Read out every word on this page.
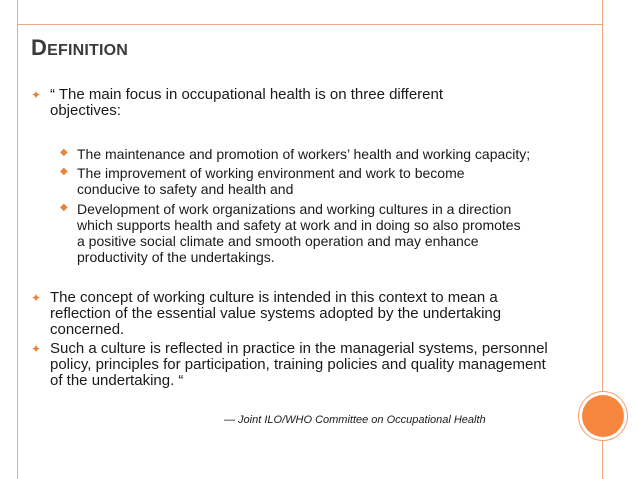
DEFINITION
✦ “ The main focus in occupational health is on three different
objectives:
◆ The maintenance and promotion of workers’ health and working capacity;
◆ The improvement of working environment and work to become
conducive to safety and health and
◆ Development of work organizations and working cultures in a direction
which supports health and safety at work and in doing so also promotes
a positive social climate and smooth operation and may enhance
productivity of the undertakings.
✦ The concept of working culture is intended in this context to mean a
reflection of the essential value systems adopted by the undertaking
concerned.
✦ Such a culture is reflected in practice in the managerial systems, personnel
policy, principles for participation, training policies and quality management
of the undertaking. “
— Joint ILO/WHO Committee on Occupational Health
